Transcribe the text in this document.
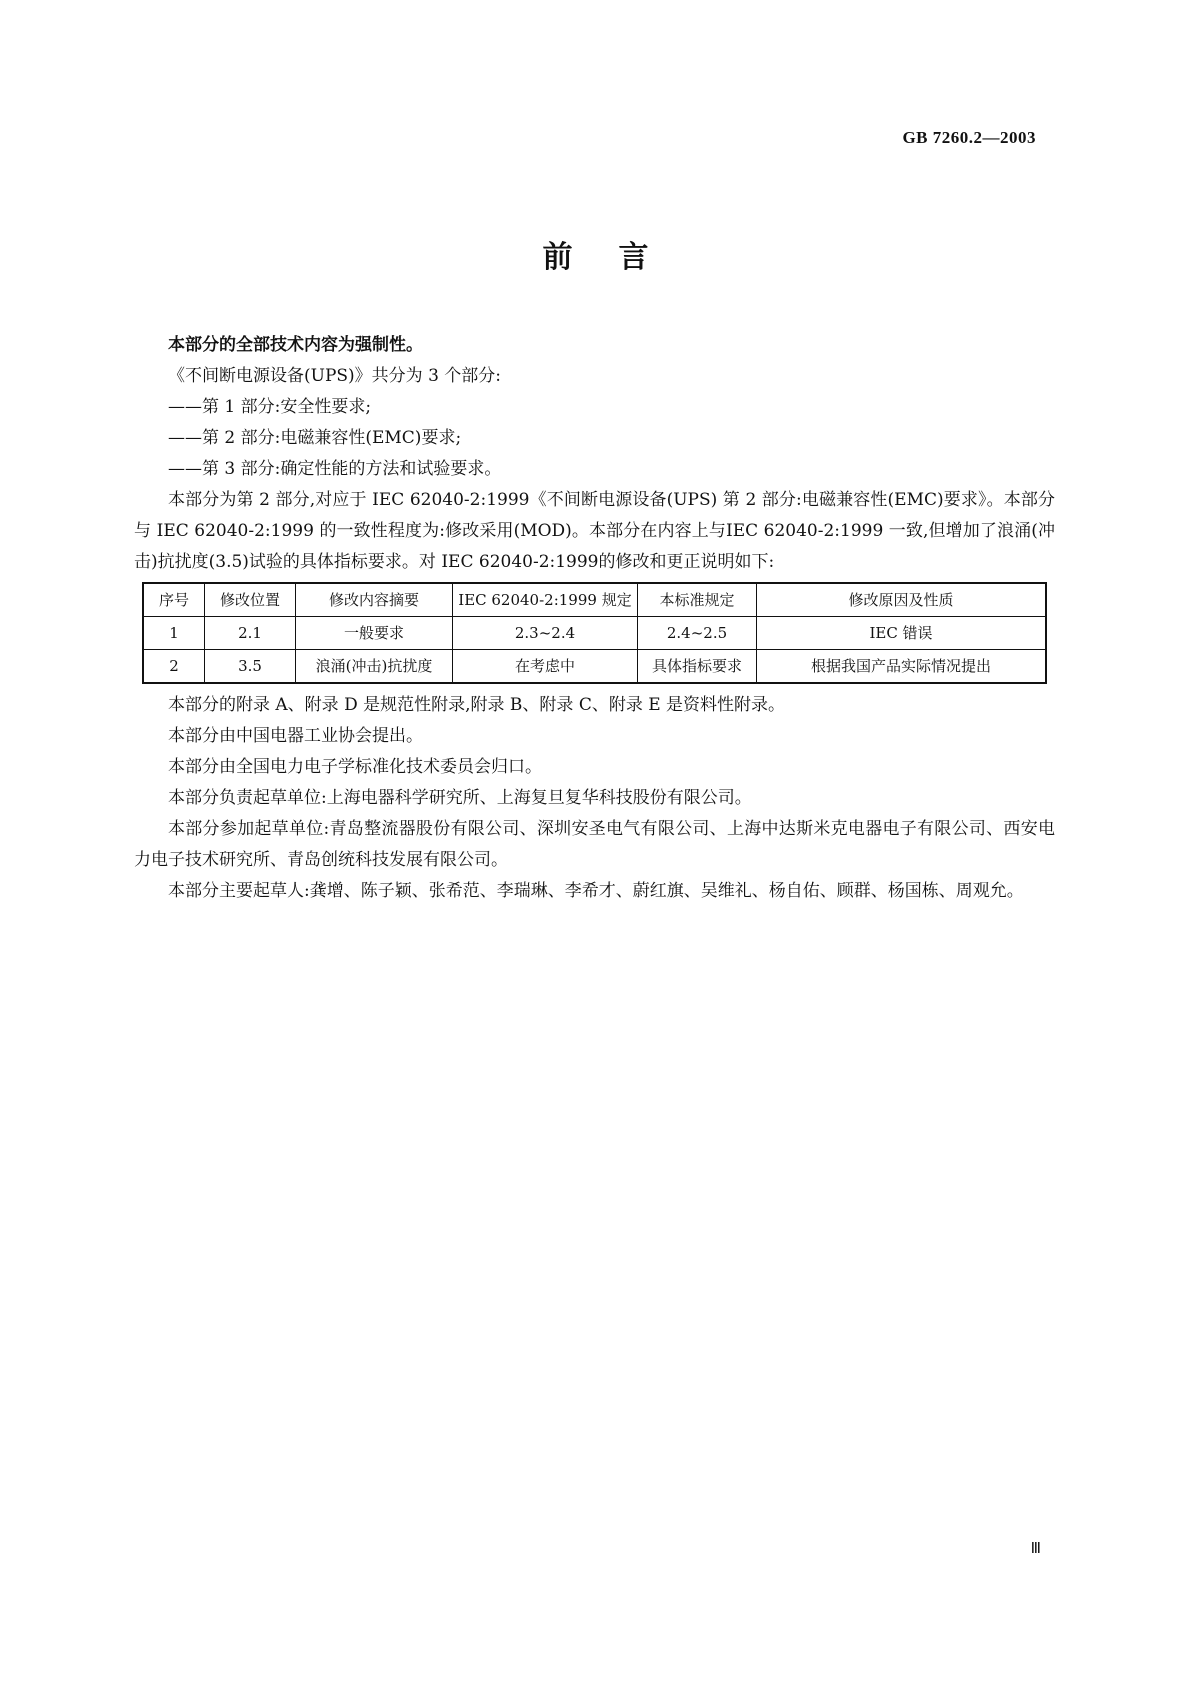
GB 7260.2—2003
前言

本部分的全部技术内容为强制性。

《不间断电源设备(UPS)》共分为 3 个部分:

——第 1 部分:安全性要求;

——第 2 部分:电磁兼容性(EMC)要求;

——第 3 部分:确定性能的方法和试验要求。

本部分为第 2 部分,对应于 IEC 62040-2:1999《不间断电源设备(UPS) 第 2 部分:电磁兼容性(EMC)要求》。本部分与 IEC 62040-2:1999 的一致性程度为:修改采用(MOD)。本部分在内容上与IEC 62040-2:1999 一致,但增加了浪涌(冲击)抗扰度(3.5)试验的具体指标要求。对 IEC 62040-2:1999的修改和更正说明如下:

序号	修改位置	修改内容摘要	IEC 62040-2:1999 规定	本标准规定	修改原因及性质
1	2.1	一般要求	2.3~2.4	2.4~2.5	IEC 错误
2	3.5	浪涌(冲击)抗扰度	在考虑中	具体指标要求	根据我国产品实际情况提出

本部分的附录 A、附录 D 是规范性附录,附录 B、附录 C、附录 E 是资料性附录。

本部分由中国电器工业协会提出。

本部分由全国电力电子学标准化技术委员会归口。

本部分负责起草单位:上海电器科学研究所、上海复旦复华科技股份有限公司。

本部分参加起草单位:青岛整流器股份有限公司、深圳安圣电气有限公司、上海中达斯米克电器电子有限公司、西安电力电子技术研究所、青岛创统科技发展有限公司。

本部分主要起草人:龚增、陈子颖、张希范、李瑞琳、李希才、蔚红旗、吴维礼、杨自佑、顾群、杨国栋、周观允。

Ⅲ
